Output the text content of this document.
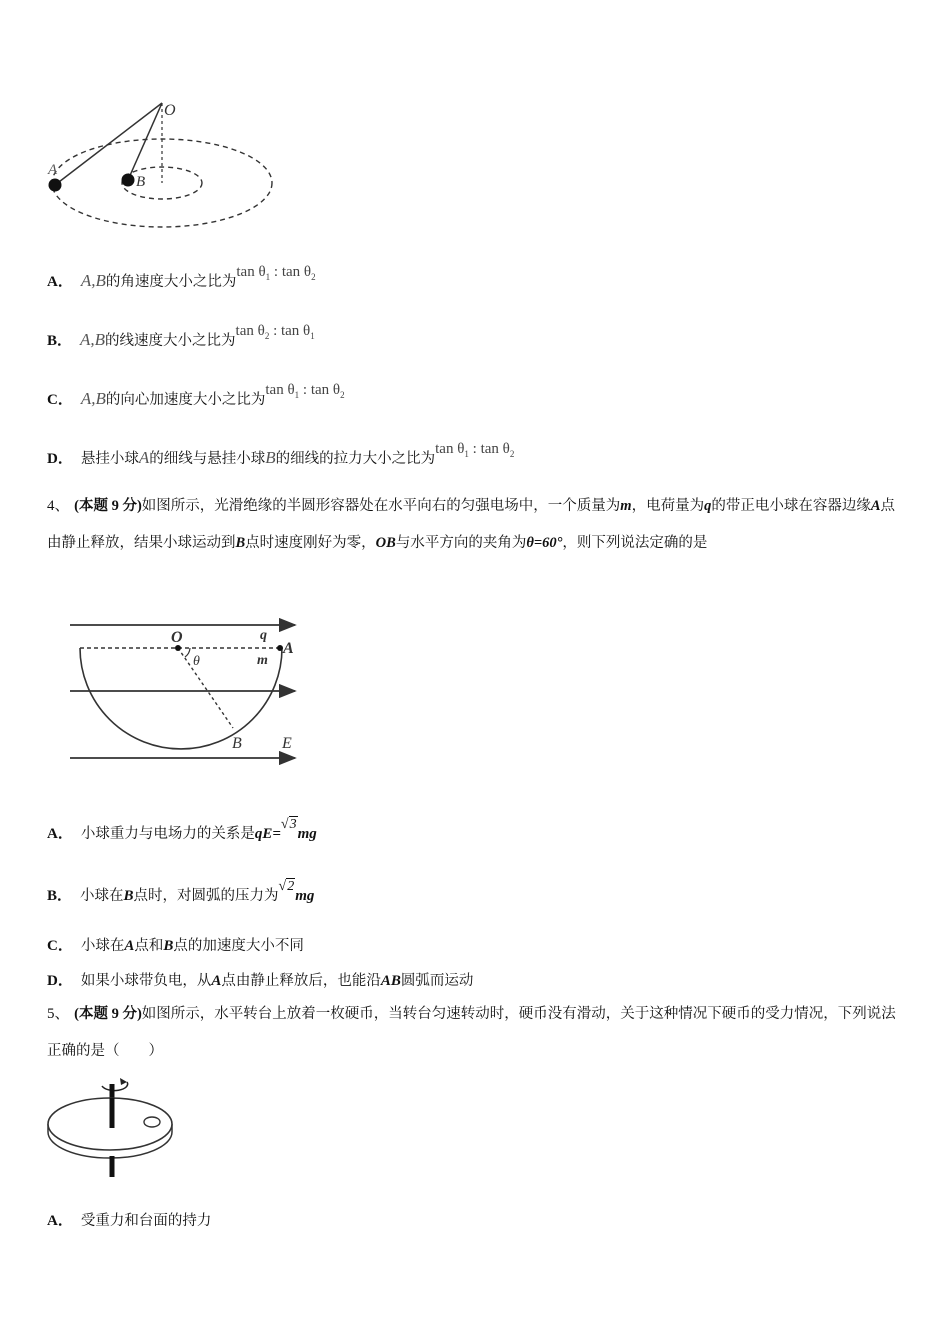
O
A
B
A． A,B的角速度大小之比为$\tan \theta_1$ : $\tan \theta_2$
B． A,B的线速度大小之比为$\tan \theta_2$ : $\tan \theta_1$
C． A,B的向心加速度大小之比为$\tan \theta_1$ : $\tan \theta_2$
D． 悬挂小球A的细线与悬挂小球B的细线的拉力大小之比为$\tan \theta_1$ : $\tan \theta_2$
4、 (本题 9 分)如图所示，光滑绝缘的半圆形容器处在水平向右的匀强电场中，一个质量为m，电荷量为q的带正电小球在容器边缘A点由静止释放，结果小球运动到B点时速度刚好为零，OB与水平方向的夹角为θ=60°，则下列说法定确的是
O	q
m
A
θ
B	E
A． 小球重力与电场力的关系是qE=√3mg
B． 小球在B点时，对圆弧的压力为√2mg
C． 小球在A点和B点的加速度大小不同
D． 如果小球带负电，从A点由静止释放后，也能沿AB圆弧而运动
5、 (本题 9 分)如图所示，水平转台上放着一枚硬币，当转台匀速转动时，硬币没有滑动，关于这种情况下硬币的受力情况，下列说法正确的是（　　）
A． 受重力和台面的持力
